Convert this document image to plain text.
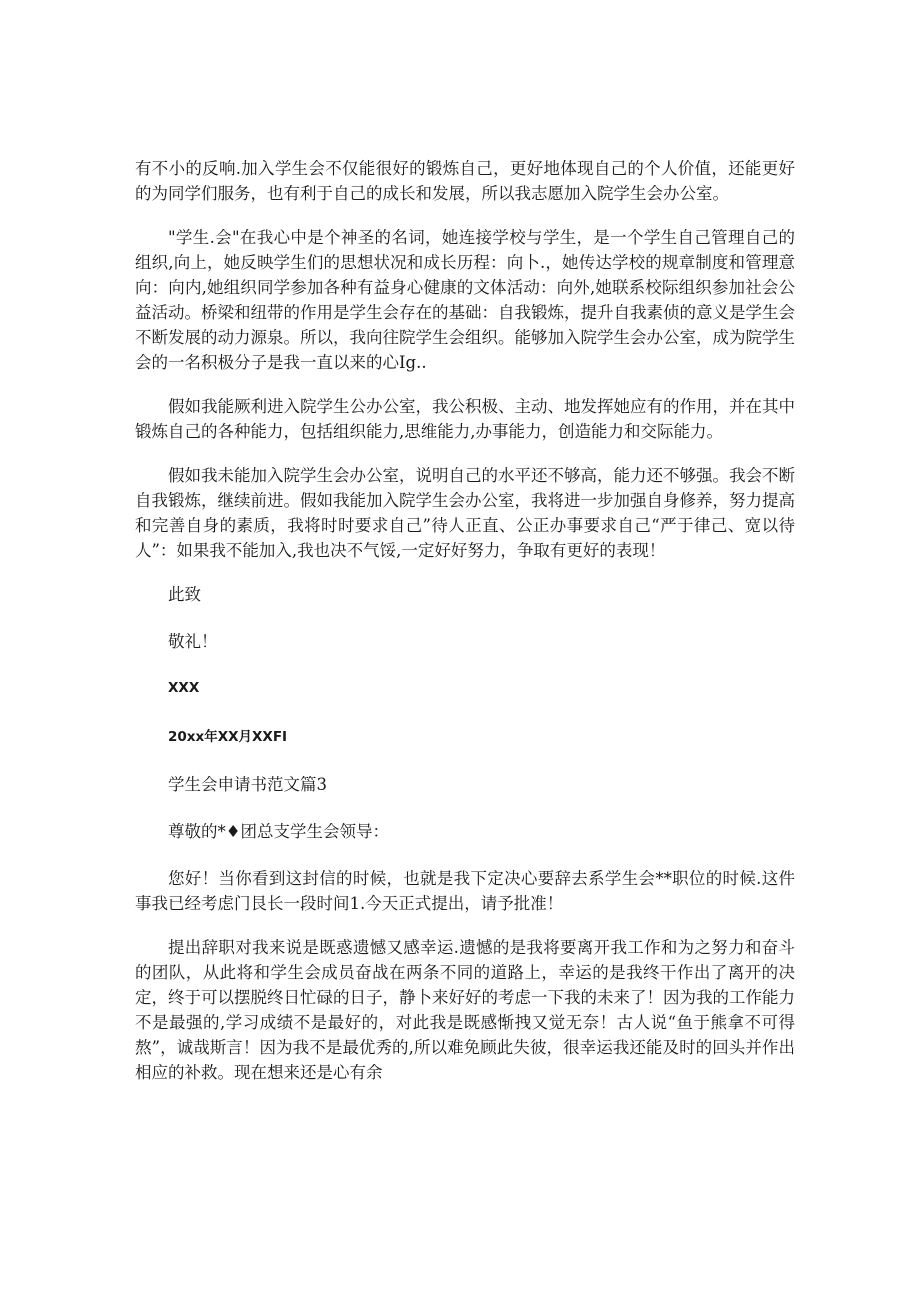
有不小的反响.加入学生会不仅能很好的锻炼自己，更好地体现自己的个人价值，还能更好的为同学们服务，也有利于自己的成长和发展，所以我志愿加入院学生会办公室。

"学生.会"在我心中是个神圣的名词，她连接学校与学生，是一个学生自己管理自己的组织,向上，她反映学生们的思想状况和成长历程：向卜.，她传达学校的规章制度和管理意向：向内,她组织同学参加各种有益身心健康的文体活动：向外,她联系校际组织参加社会公益活动。桥梁和纽带的作用是学生会存在的基础：自我锻炼，提升自我素侦的意义是学生会不断发展的动力源泉。所以，我向往院学生会组织。能够加入院学生会办公室，成为院学生会的一名积极分子是我一直以来的心Ig..

假如我能厥利进入院学生公办公室，我公积极、主动、地发挥她应有的作用，并在其中锻炼自己的各种能力，包括组织能力,思维能力,办事能力，创造能力和交际能力。

假如我未能加入院学生会办公室，说明自己的水平还不够高，能力还不够强。我会不断自我锻炼，继续前进。假如我能加入院学生会办公室，我将进一步加强自身修养，努力提高和完善自身的素质，我将时时要求自己”待人正直、公正办事要求自己“严于律己、宽以待人”：如果我不能加入,我也决不气馁,一定好好努力，争取有更好的表现！

此致

敬礼！

XXX

20xx年XX月XXFI

学生会申请书范文篇3

尊敬的*♦团总支学生会领导：

您好！当你看到这封信的时候，也就是我下定决心要辞去系学生会**职位的时候.这件事我已经考虑门艮长一段时间1.今天正式提出，请予批准！

提出辞职对我来说是既惑遗憾又感幸运.遗憾的是我将要离开我工作和为之努力和奋斗的团队，从此将和学生会成员奋战在两条不同的道路上，幸运的是我终干作出了离开的决定，终于可以摆脱终日忙碌的日子，静卜来好好的考虑一下我的未来了！因为我的工作能力不是最强的,学习成绩不是最好的，对此我是既感惭拽又觉无奈！古人说“鱼于熊拿不可得熬”，诚哉斯言！因为我不是最优秀的,所以难免顾此失彼，很幸运我还能及时的回头并作出相应的补救。现在想来还是心有余
